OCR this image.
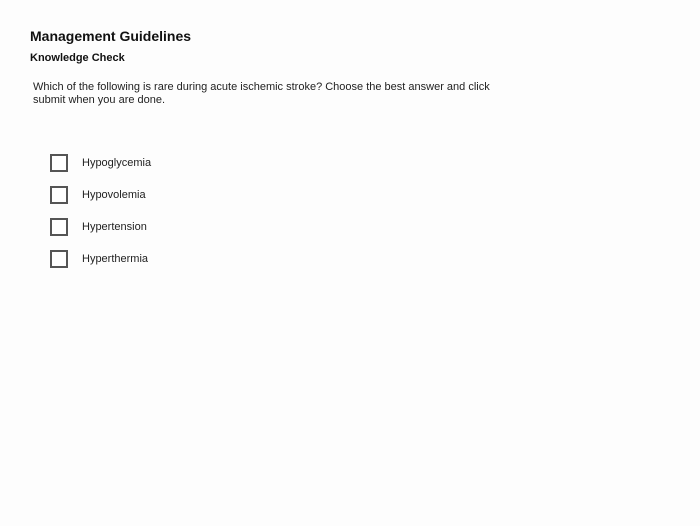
Management Guidelines
Knowledge Check

Which of the following is rare during acute ischemic stroke? Choose the best answer and click submit when you are done.

Hypoglycemia
Hypovolemia
Hypertension
Hyperthermia
